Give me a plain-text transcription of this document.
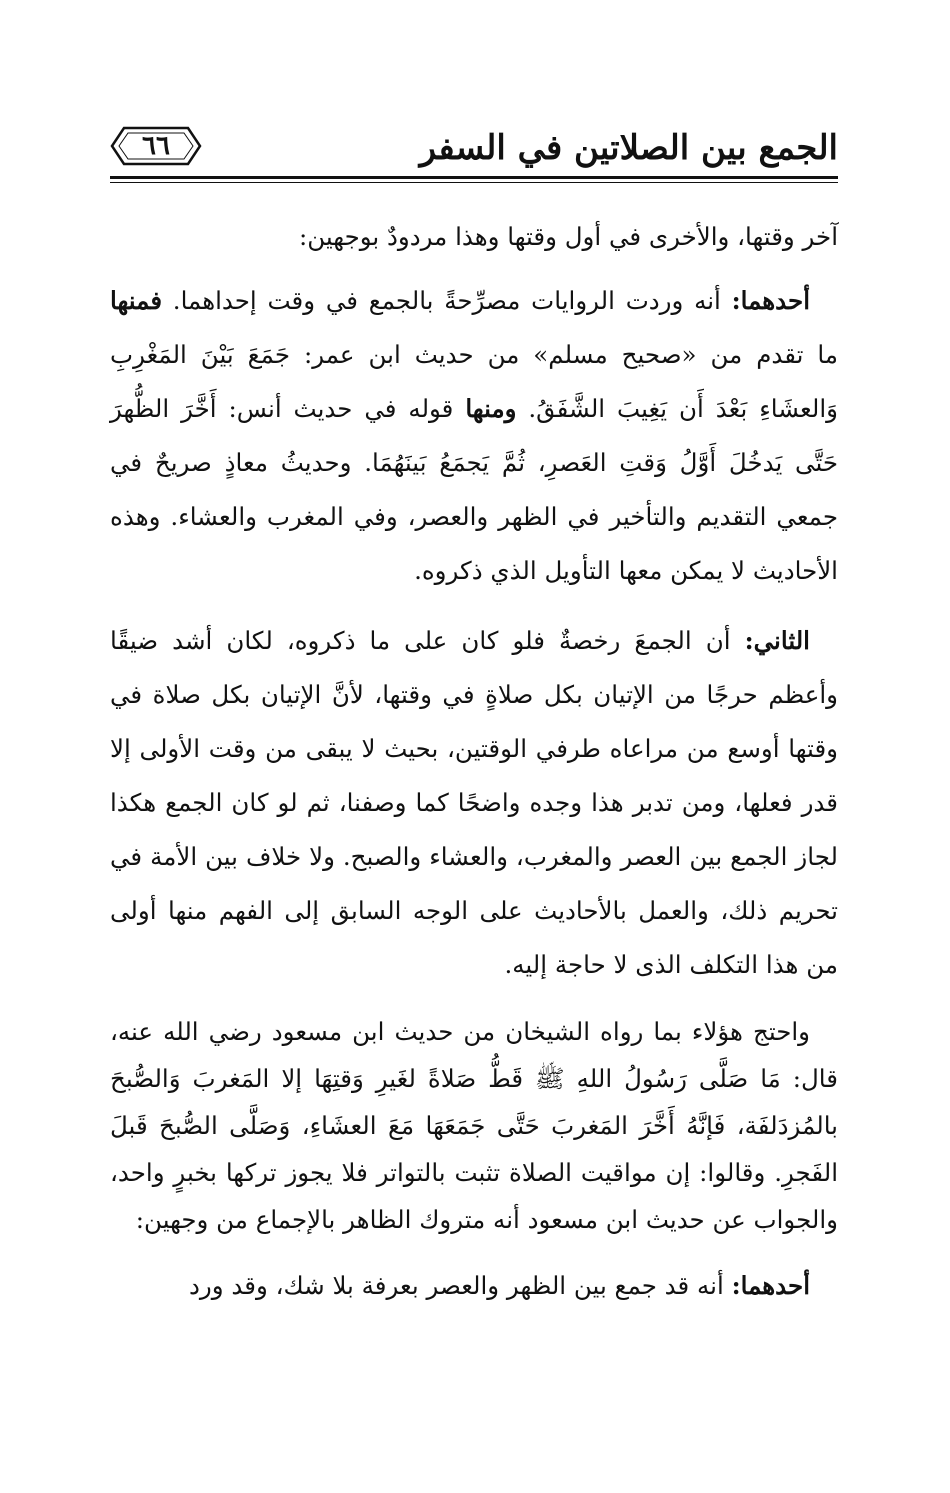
الجمع بين الصلاتين في السفر
٦٦

آخر وقتها، والأخرى في أول وقتها وهذا مردودٌ بوجهين:

أحدهما: أنه وردت الروايات مصرِّحةً بالجمع في وقت إحداهما. فمنها ما تقدم من «صحيح مسلم» من حديث ابن عمر: جَمَعَ بَيْنَ المَغْرِبِ وَالعشَاءِ بَعْدَ أَن يَغِيبَ الشَّفَقُ. ومنها قوله في حديث أنس: أَخَّرَ الظُّهرَ حَتَّى يَدخُلَ أَوَّلُ وَقتِ العَصرِ، ثُمَّ يَجمَعُ بَينَهُمَا. وحديثُ معاذٍ صريحٌ في جمعي التقديم والتأخير في الظهر والعصر، وفي المغرب والعشاء. وهذه الأحاديث لا يمكن معها التأويل الذي ذكروه.

الثاني: أن الجمعَ رخصةٌ فلو كان على ما ذكروه، لكان أشد ضيقًا وأعظم حرجًا من الإتيان بكل صلاةٍ في وقتها، لأنَّ الإتيان بكل صلاة في وقتها أوسع من مراعاه طرفي الوقتين، بحيث لا يبقى من وقت الأولى إلا قدر فعلها، ومن تدبر هذا وجده واضحًا كما وصفنا، ثم لو كان الجمع هكذا لجاز الجمع بين العصر والمغرب، والعشاء والصبح. ولا خلاف بين الأمة في تحريم ذلك، والعمل بالأحاديث على الوجه السابق إلى الفهم منها أولى من هذا التكلف الذى لا حاجة إليه.

واحتج هؤلاء بما رواه الشيخان من حديث ابن مسعود رضي الله عنه، قال: مَا صَلَّى رَسُولُ اللهِ ﷺ قَطُّ صَلاةً لغَيرِ وَقتِهَا إلا المَغربَ وَالصُّبحَ بالمُزدَلفَة، فَإنَّهُ أَخَّرَ المَغربَ حَتَّى جَمَعَهَا مَعَ العشَاءِ، وَصَلَّى الصُّبحَ قَبلَ الفَجرِ. وقالوا: إن مواقيت الصلاة تثبت بالتواتر فلا يجوز تركها بخبرٍ واحد، والجواب عن حديث ابن مسعود أنه متروك الظاهر بالإجماع من وجهين:

أحدهما: أنه قد جمع بين الظهر والعصر بعرفة بلا شك، وقد ورد
